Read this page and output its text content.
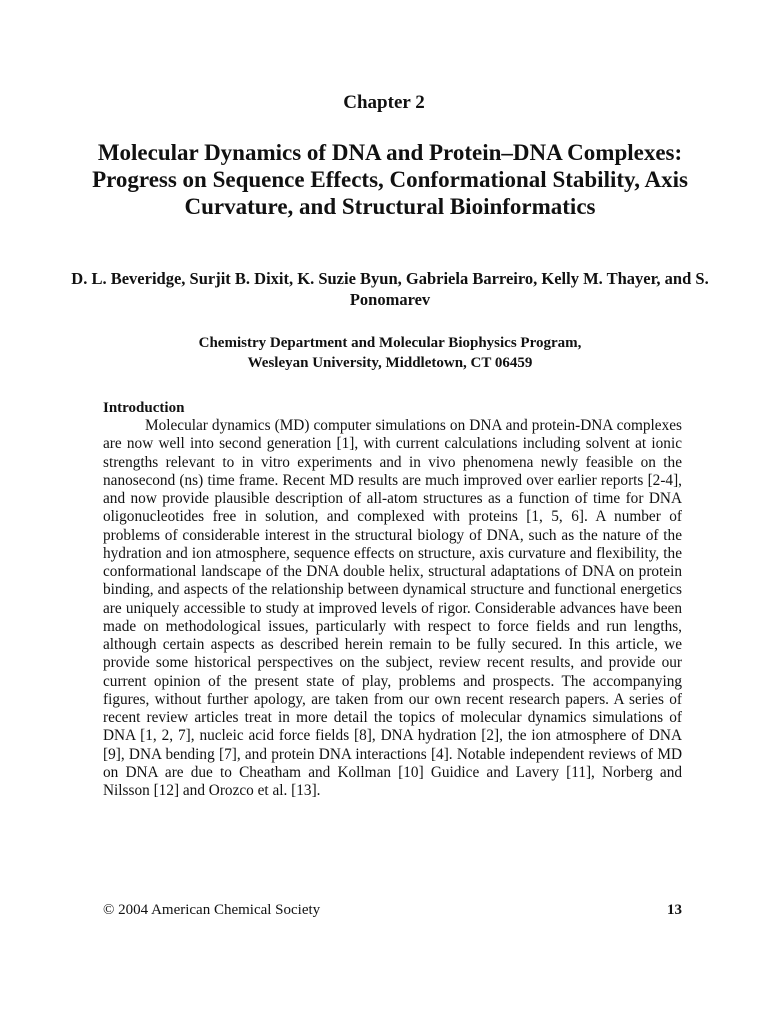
Chapter 2
Molecular Dynamics of DNA and Protein–DNA Complexes: Progress on Sequence Effects, Conformational Stability, Axis Curvature, and Structural Bioinformatics
D. L. Beveridge, Surjit B. Dixit, K. Suzie Byun, Gabriela Barreiro, Kelly M. Thayer, and S. Ponomarev
Chemistry Department and Molecular Biophysics Program,
Wesleyan University, Middletown, CT 06459
Introduction

Molecular dynamics (MD) computer simulations on DNA and protein-DNA complexes are now well into second generation [1], with current calculations including solvent at ionic strengths relevant to in vitro experiments and in vivo phenomena newly feasible on the nanosecond (ns) time frame. Recent MD results are much improved over earlier reports [2-4], and now provide plausible description of all-atom structures as a function of time for DNA oligonucleotides free in solution, and complexed with proteins [1, 5, 6]. A number of problems of considerable interest in the structural biology of DNA, such as the nature of the hydration and ion atmosphere, sequence effects on structure, axis curvature and flexibility, the conformational landscape of the DNA double helix, structural adaptations of DNA on protein binding, and aspects of the relationship between dynamical structure and functional energetics are uniquely accessible to study at improved levels of rigor. Considerable advances have been made on methodological issues, particularly with respect to force fields and run lengths, although certain aspects as described herein remain to be fully secured. In this article, we provide some historical perspectives on the subject, review recent results, and provide our current opinion of the present state of play, problems and prospects. The accompanying figures, without further apology, are taken from our own recent research papers. A series of recent review articles treat in more detail the topics of molecular dynamics simulations of DNA [1, 2, 7], nucleic acid force fields [8], DNA hydration [2], the ion atmosphere of DNA [9], DNA bending [7], and protein DNA interactions [4]. Notable independent reviews of MD on DNA are due to Cheatham and Kollman [10] Guidice and Lavery [11], Norberg and Nilsson [12] and Orozco et al. [13].

© 2004 American Chemical Society	13
